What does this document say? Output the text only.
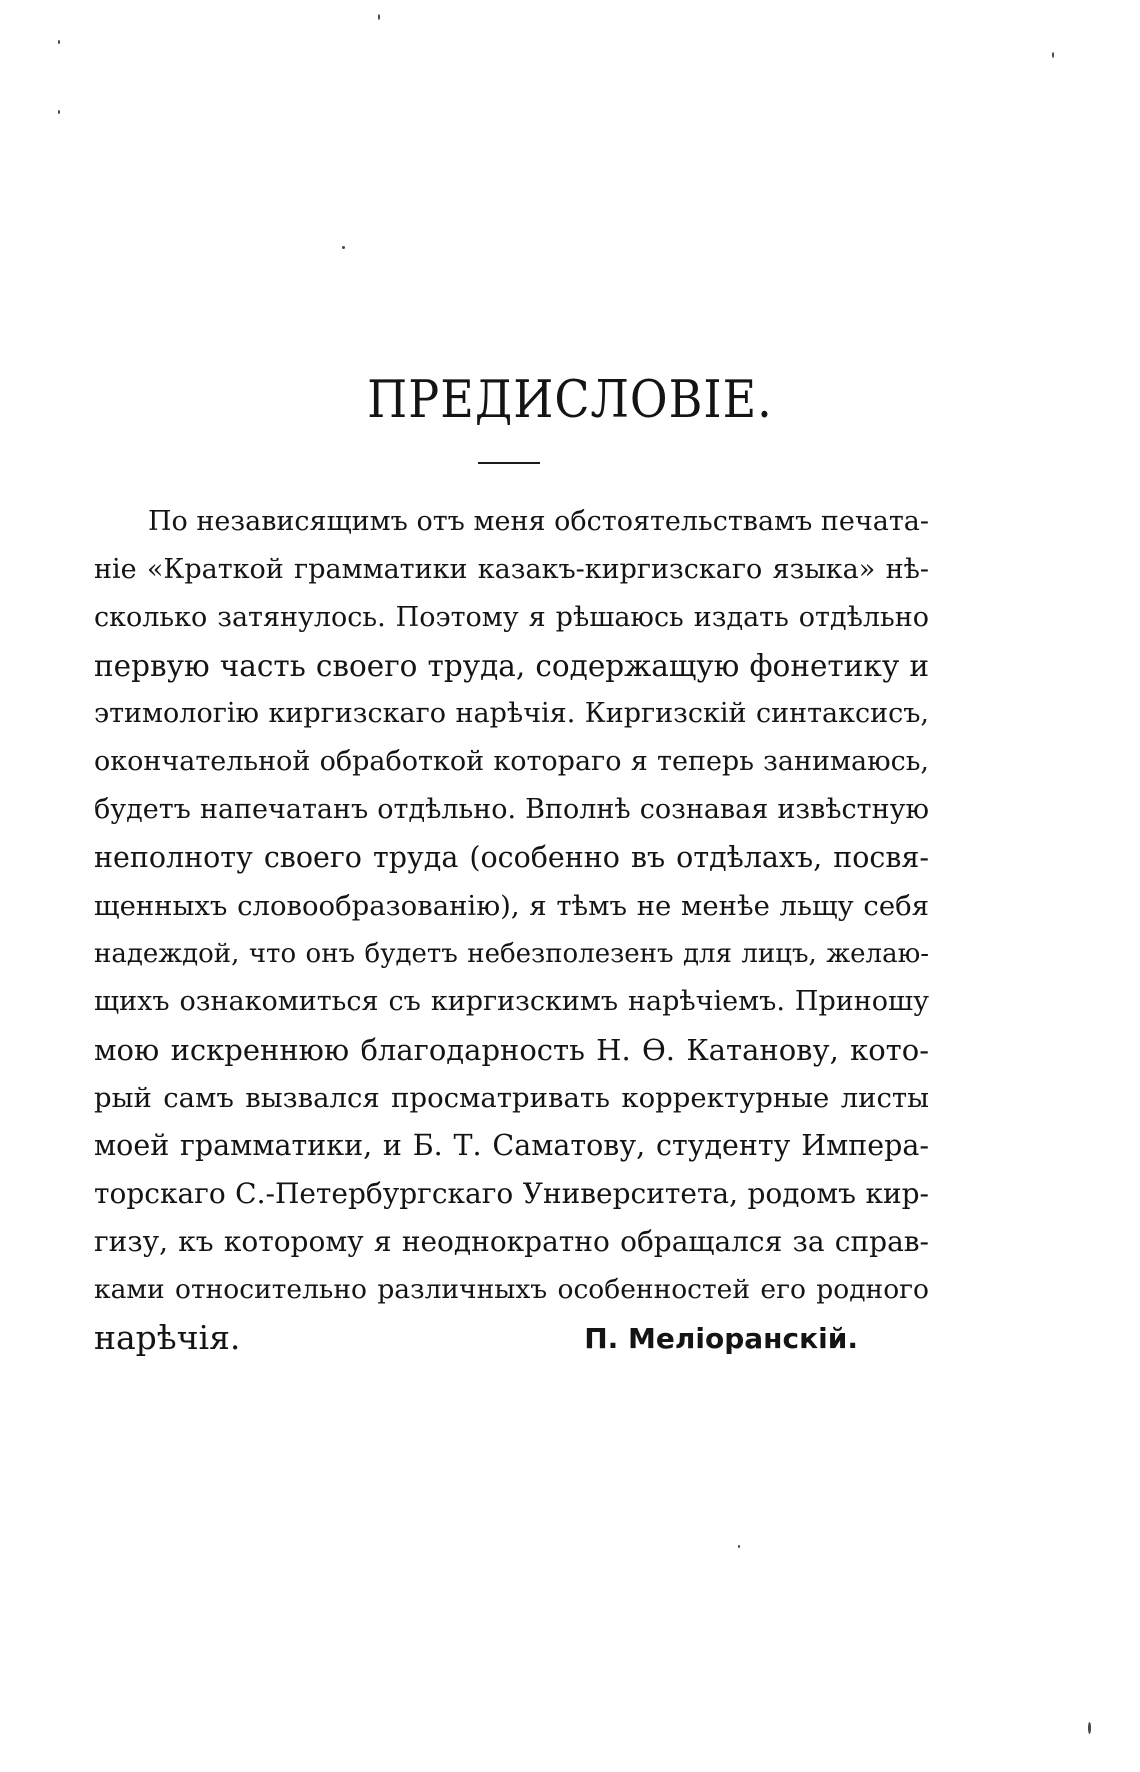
ПРЕДИСЛОВІЕ.
По независящимъ отъ меня обстоятельствамъ печата-
ніе «Краткой грамматики казакъ-киргизскаго языка» нѣ-
сколько затянулось. Поэтому я рѣшаюсь издать отдѣльно
первую часть своего труда, содержащую фонетику и
этимологію киргизскаго нарѣчія. Киргизскій синтаксисъ,
окончательной обработкой котораго я теперь занимаюсь,
будетъ напечатанъ отдѣльно. Вполнѣ сознавая извѣстную
неполноту своего труда (особенно въ отдѣлахъ, посвя-
щенныхъ словообразованію), я тѣмъ не менѣе льщу себя
надеждой, что онъ будетъ небезполезенъ для лицъ, желаю-
щихъ ознакомиться съ киргизскимъ нарѣчіемъ. Приношу
мою искреннюю благодарность Н. Ѳ. Катанову, кото-
рый самъ вызвался просматривать корректурные листы
моей грамматики, и Б. Т. Саматову, студенту Импера-
торскаго С.-Петербургскаго Университета, родомъ кир-
гизу, къ которому я неоднократно обращался за справ-
ками относительно различныхъ особенностей его родного
нарѣчія.	П. Меліоранскій.
